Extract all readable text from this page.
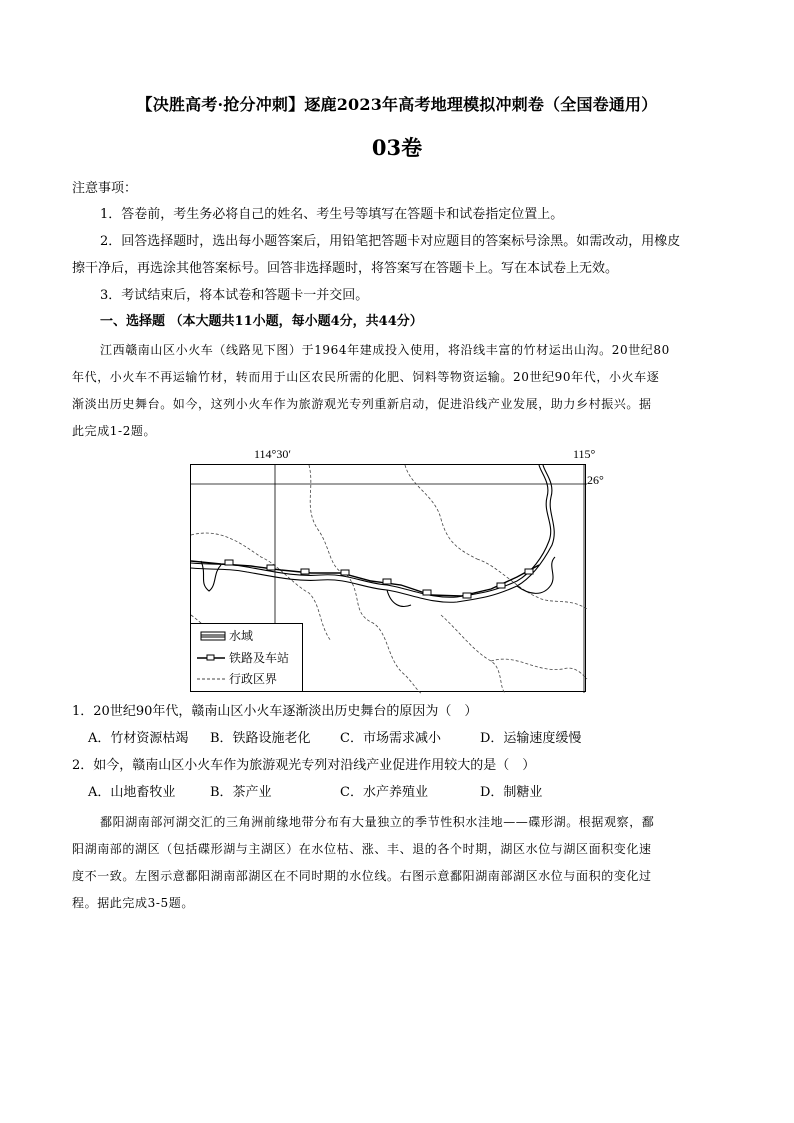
【决胜高考·抢分冲刺】逐鹿2023年高考地理模拟冲刺卷（全国卷通用）
03卷
注意事项：
1．答卷前，考生务必将自己的姓名、考生号等填写在答题卡和试卷指定位置上。
2．回答选择题时，选出每小题答案后，用铅笔把答题卡对应题目的答案标号涂黑。如需改动，用橡皮
擦干净后，再选涂其他答案标号。回答非选择题时，将答案写在答题卡上。写在本试卷上无效。
3．考试结束后，将本试卷和答题卡一并交回。
一、选择题 （本大题共11小题，每小题4分，共44分）
江西赣南山区小火车（线路见下图）于1964年建成投入使用，将沿线丰富的竹材运出山沟。20世纪80
年代，小火车不再运输竹材，转而用于山区农民所需的化肥、饲料等物资运输。20世纪90年代，小火车逐
渐淡出历史舞台。如今，这列小火车作为旅游观光专列重新启动，促进沿线产业发展，助力乡村振兴。据
此完成1-2题。
114°30′	115°
26°
水域
铁路及车站
行政区界
1．20世纪90年代，赣南山区小火车逐渐淡出历史舞台的原因为（　）
A．竹材资源枯竭 B．铁路设施老化 C．市场需求减小	D．运输速度缓慢
2．如今，赣南山区小火车作为旅游观光专列对沿线产业促进作用较大的是（　）
A．山地畜牧业	B．茶产业	C．水产养殖业	D．制糖业
鄱阳湖南部河湖交汇的三角洲前缘地带分布有大量独立的季节性积水洼地——碟形湖。根据观察，鄱
阳湖南部的湖区（包括碟形湖与主湖区）在水位枯、涨、丰、退的各个时期，湖区水位与湖区面积变化速
度不一致。左图示意鄱阳湖南部湖区在不同时期的水位线。右图示意鄱阳湖南部湖区水位与面积的变化过
程。据此完成3-5题。
